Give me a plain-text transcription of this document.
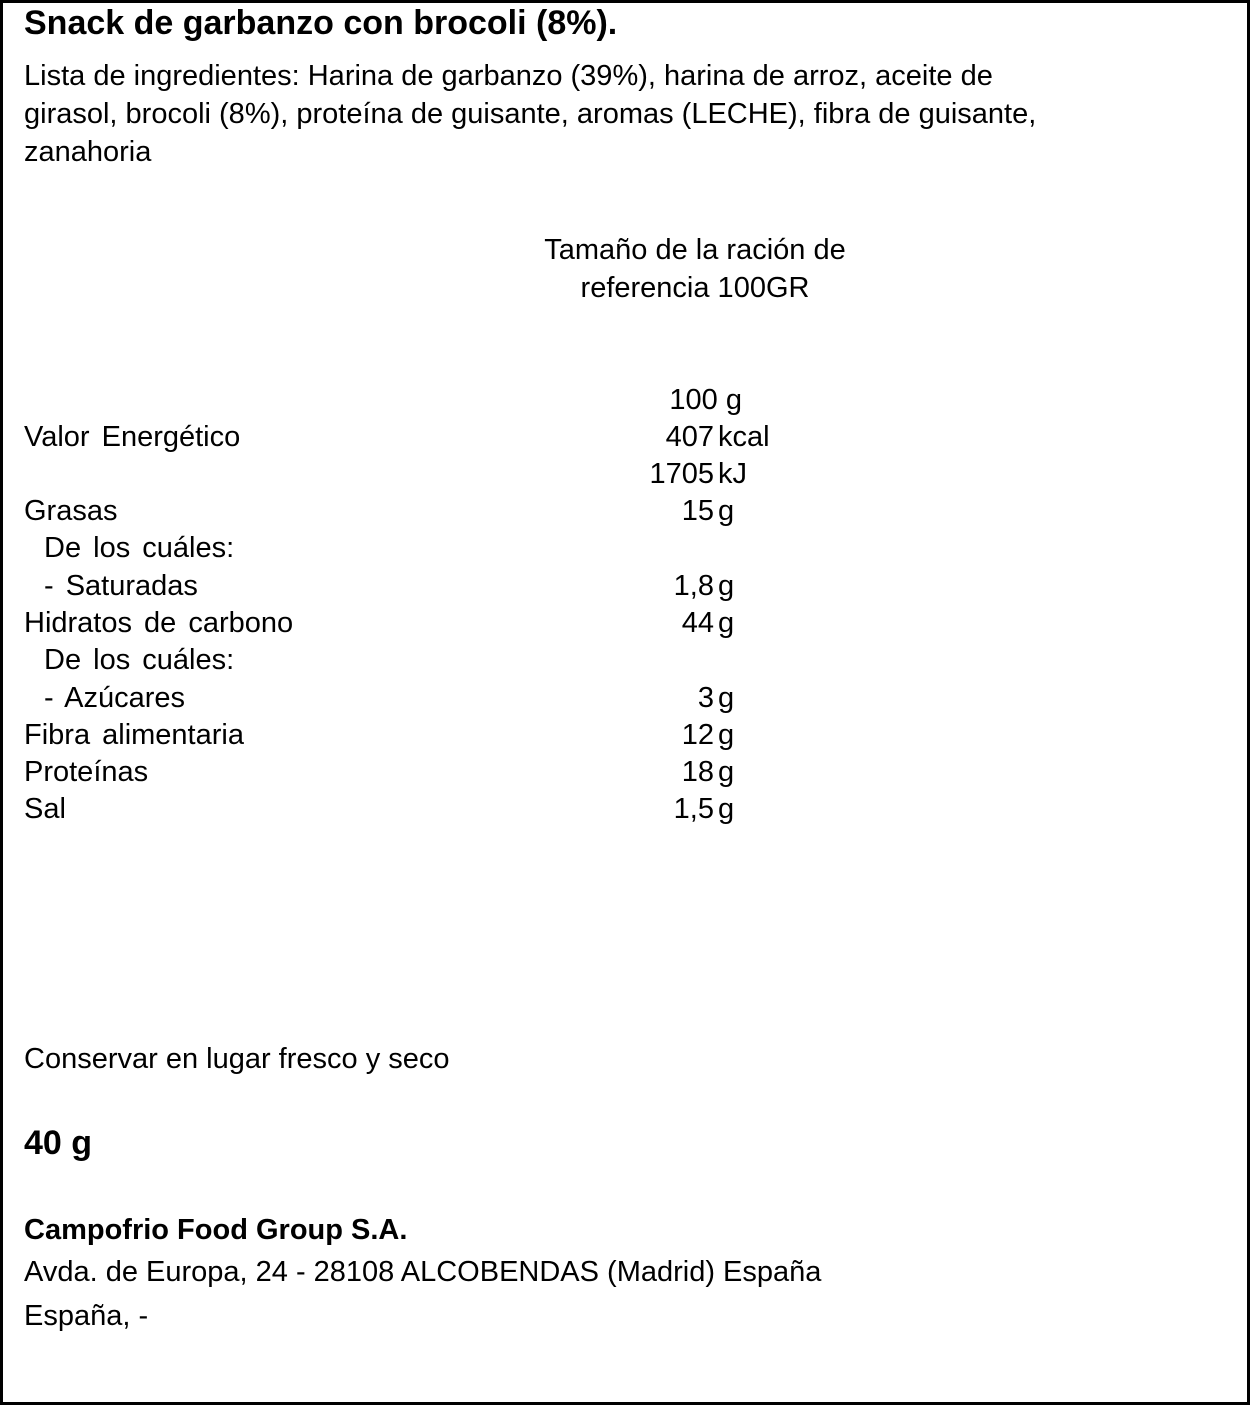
Snack de garbanzo con brocoli (8%).
Lista de ingredientes: Harina de garbanzo (39%), harina de arroz, aceite de
girasol, brocoli (8%), proteína de guisante, aromas (LECHE), fibra de guisante,
zanahoria
Tamaño de la ración de
referencia 100GR
100 g
Valor Energético	407 kcal
1705 kJ
Grasas	15 g
De los cuáles:
- Saturadas	1,8 g
Hidratos de carbono	44 g
De los cuáles:
- Azúcares	3 g
Fibra alimentaria	12 g
Proteínas	18 g
Sal	1,5 g
Conservar en lugar fresco y seco
40 g
Campofrio Food Group S.A.
Avda. de Europa, 24 - 28108 ALCOBENDAS (Madrid) España
España, -
